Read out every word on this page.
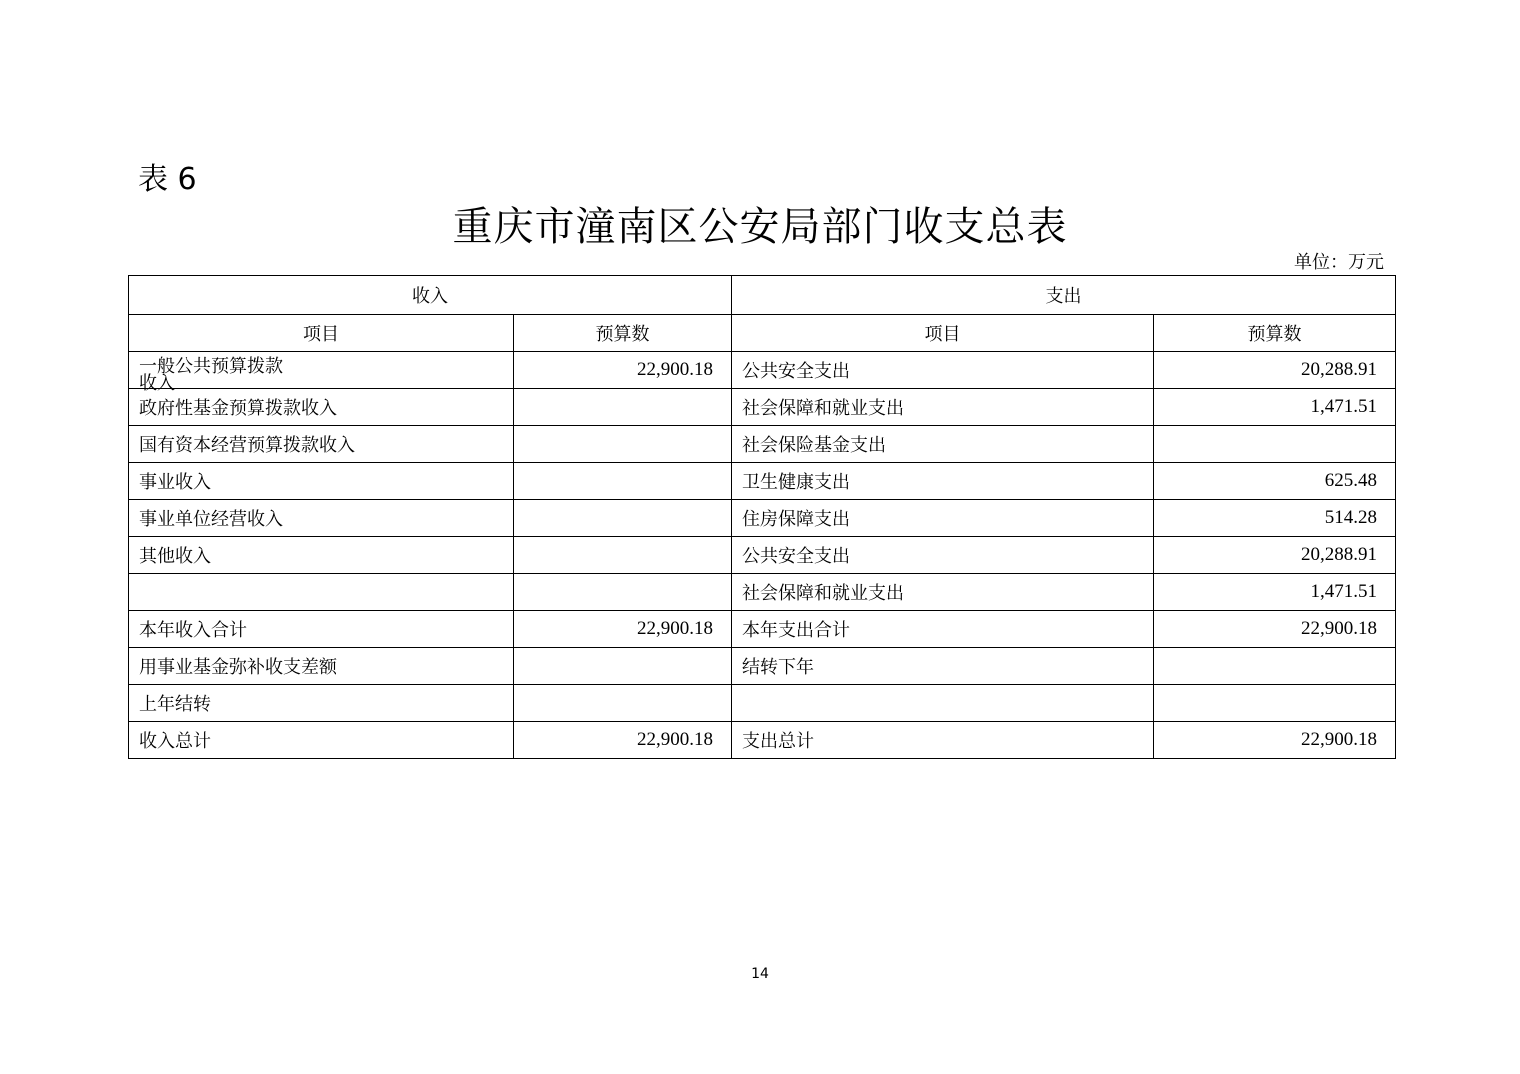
表 6
重庆市潼南区公安局部门收支总表
单位：万元
收入		支出	
项目	预算数	项目	预算数

一般公共预算拨款
收入	22,900.18	公共安全支出	20,288.91
政府性基金预算拨款收入		社会保障和就业支出	1,471.51
国有资本经营预算拨款收入		社会保险基金支出	
事业收入		卫生健康支出	625.48
事业单位经营收入		住房保障支出	514.28
其他收入		公共安全支出	20,288.91
		社会保障和就业支出	1,471.51
本年收入合计	22,900.18	本年支出合计	22,900.18
用事业基金弥补收支差额		结转下年	
上年结转			
收入总计	22,900.18	支出总计	22,900.18
14
